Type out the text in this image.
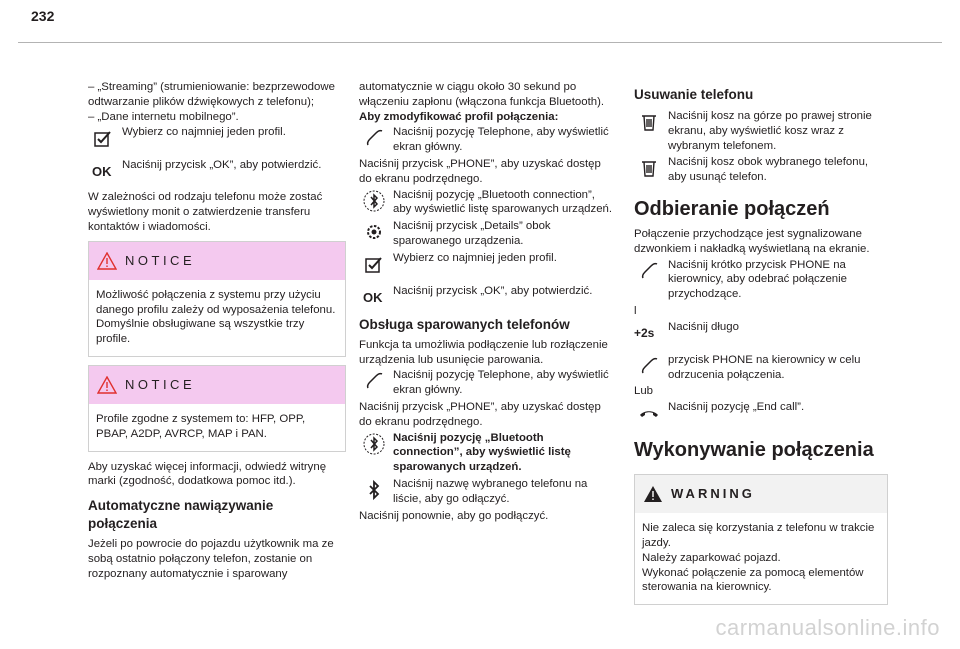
232

– „Streaming” (strumieniowanie: bezprzewodowe odtwarzanie plików dźwiękowych z telefonu);

– „Dane internetu mobilnego”.

Wybierz co najmniej jeden profil.

OK Naciśnij przycisk „OK”, aby potwierdzić.

W zależności od rodzaju telefonu może zostać wyświetlony monit o zatwierdzenie transferu kontaktów i wiadomości.

NOTICE

Możliwość połączenia z systemu przy użyciu danego profilu zależy od wyposażenia telefonu.

Domyślnie obsługiwane są wszystkie trzy profile.

NOTICE

Profile zgodne z systemem to: HFP, OPP, PBAP, A2DP, AVRCP, MAP i PAN.

Aby uzyskać więcej informacji, odwiedź witrynę marki (zgodność, dodatkowa pomoc itd.).

Automatyczne nawiązywanie połączenia

Jeżeli po powrocie do pojazdu użytkownik ma ze sobą ostatnio połączony telefon, zostanie on rozpoznany automatycznie i sparowany

automatycznie w ciągu około 30 sekund po włączeniu zapłonu (włączona funkcja Bluetooth).

Aby zmodyfikować profil połączenia:

Naciśnij pozycję Telephone, aby wyświetlić ekran główny.

Naciśnij przycisk „PHONE”, aby uzyskać dostęp do ekranu podrzędnego.

Naciśnij pozycję „Bluetooth connection”, aby wyświetlić listę sparowanych urządzeń.

Naciśnij przycisk „Details” obok sparowanego urządzenia.

Wybierz co najmniej jeden profil.

OK Naciśnij przycisk „OK”, aby potwierdzić.

Obsługa sparowanych telefonów

Funkcja ta umożliwia podłączenie lub rozłączenie urządzenia lub usunięcie parowania.

Naciśnij pozycję Telephone, aby wyświetlić ekran główny.

Naciśnij przycisk „PHONE”, aby uzyskać dostęp do ekranu podrzędnego.

Naciśnij pozycję „Bluetooth connection”, aby wyświetlić listę sparowanych urządzeń.

Naciśnij nazwę wybranego telefonu na liście, aby go odłączyć.

Naciśnij ponownie, aby go podłączyć.

Usuwanie telefonu

Naciśnij kosz na górze po prawej stronie ekranu, aby wyświetlić kosz wraz z wybranym telefonem.

Naciśnij kosz obok wybranego telefonu, aby usunąć telefon.

Odbieranie połączeń

Połączenie przychodzące jest sygnalizowane dzwonkiem i nakładką wyświetlaną na ekranie.

Naciśnij krótko przycisk PHONE na kierownicy, aby odebrać połączenie przychodzące.

l

+2s Naciśnij długo

przycisk PHONE na kierownicy w celu odrzucenia połączenia.

Lub

Naciśnij pozycję „End call”.

Wykonywanie połączenia
WARNING

Nie zaleca się korzystania z telefonu w trakcie jazdy.

Należy zaparkować pojazd.

Wykonać połączenie za pomocą elementów sterowania na kierownicy.

carmanualsonline.info
